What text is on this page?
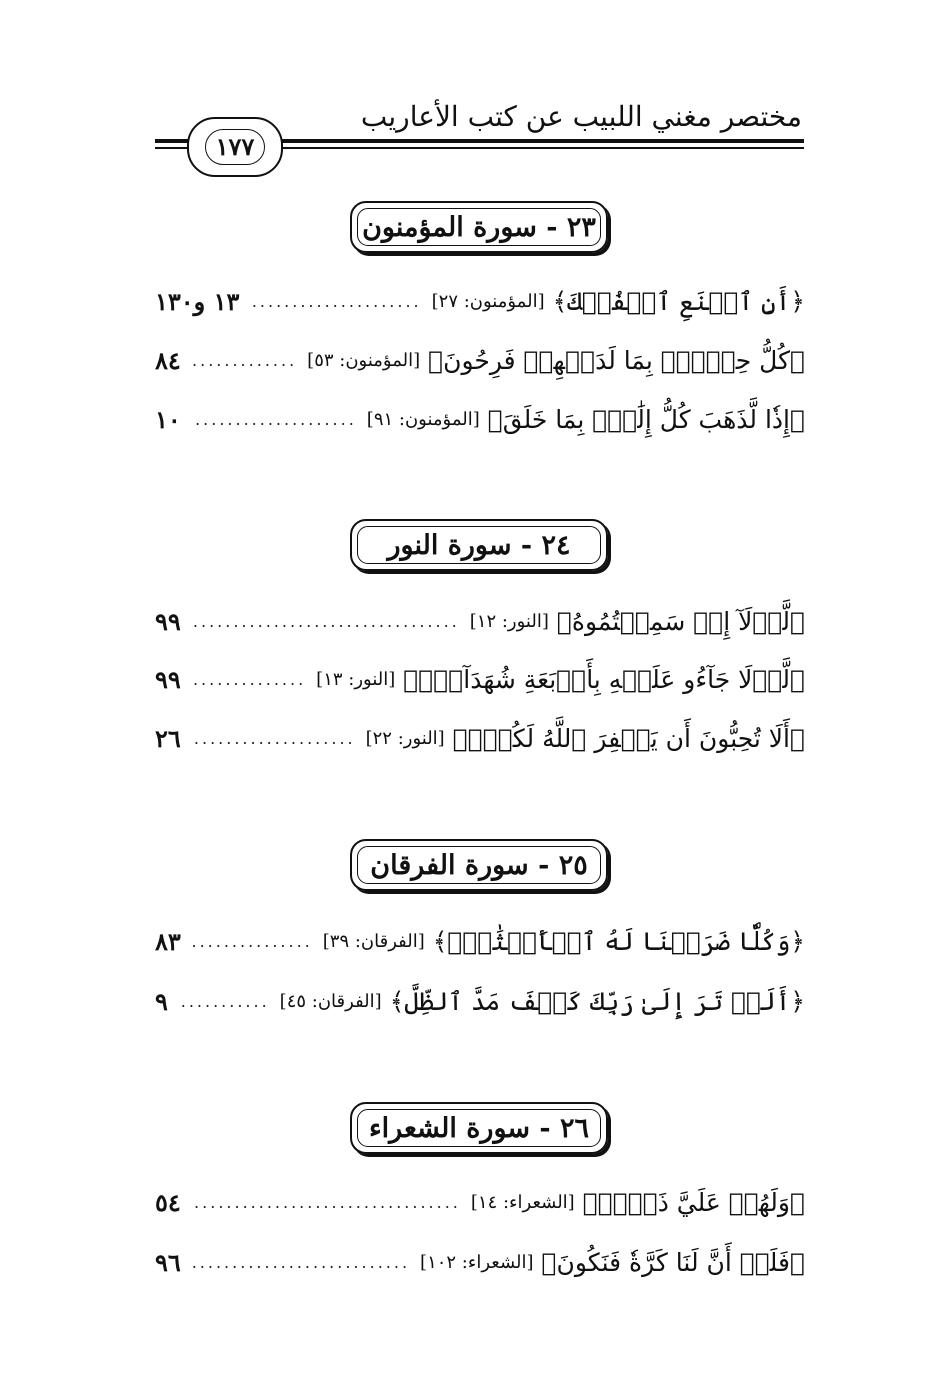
مختصر مغني اللبيب عن كتب الأعاريب
١٧٧
٢٣ - سورة المؤمنون
﴿أَنِ ٱصۡنَعِ ٱلۡفُلۡكَ﴾
[المؤمنون: ٢٧]
.....
١٣ و١٣٠
﴿كُلُّ حِزۡبِۭ بِمَا لَدَيۡهِمۡ فَرِحُونَ﴾
[المؤمنون: ٥٣]
.....
٨٤
﴿إِذٗا لَّذَهَبَ كُلُّ إِلَٰهِۭ بِمَا خَلَقَ﴾
[المؤمنون: ٩١]
.....
١٠
٢٤ - سورة النور
﴿لَّوۡلَآ إِذۡ سَمِعۡتُمُوهُ﴾
[النور: ١٢]
.....
٩٩
﴿لَّوۡلَا جَآءُو عَلَيۡهِ بِأَرۡبَعَةِ شُهَدَآءَۚ﴾
[النور: ١٣]
.....
٩٩
﴿أَلَا تُحِبُّونَ أَن يَغۡفِرَ ٱللَّهُ لَكُمۡۚ﴾
[النور: ٢٢]
.....
٢٦
٢٥ - سورة الفرقان
﴿وَكُلّٗا ضَرَبۡنَا لَهُ ٱلۡأَمۡثَٰلَۖ﴾
[الفرقان: ٣٩]
.....
٨٣
﴿أَلَمۡ تَرَ إِلَىٰ رَبِّكَ كَيۡفَ مَدَّ ٱلظِّلَّ﴾
[الفرقان: ٤٥]
.....
٩
٢٦ - سورة الشعراء
﴿وَلَهُمۡ عَلَيَّ ذَنۢبٞ﴾
[الشعراء: ١٤]
.....
٥٤
﴿فَلَوۡ أَنَّ لَنَا كَرَّةٗ فَنَكُونَ﴾
[الشعراء: ١٠٢]
.....
٩٦
